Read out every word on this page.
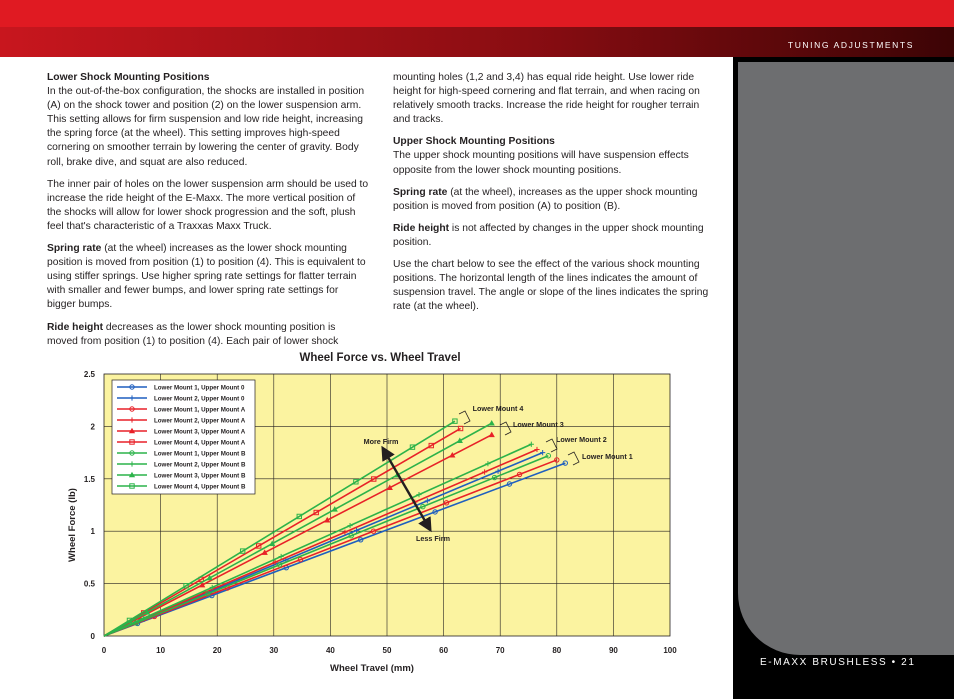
TUNING ADJUSTMENTS
E-MAXX BRUSHLESS • 21
Lower Shock Mounting Positions

In the out-of-the-box configuration, the shocks are installed in position (A) on the shock tower and position (2) on the lower suspension arm. This setting allows for firm suspension and low ride height, increasing the spring force (at the wheel). This setting improves high-speed cornering on smoother terrain by lowering the center of gravity. Body roll, brake dive, and squat are also reduced.

The inner pair of holes on the lower suspension arm should be used to increase the ride height of the E-Maxx. The more vertical position of the shocks will allow for lower shock progression and the soft, plush feel that's characteristic of a Traxxas Maxx Truck.

Spring rate (at the wheel) increases as the lower shock mounting position is moved from position (1) to position (4). This is equivalent to using stiffer springs. Use higher spring rate settings for flatter terrain with smaller and fewer bumps, and lower spring rate settings for bigger bumps.

Ride height decreases as the lower shock mounting position is moved from position (1) to position (4). Each pair of lower shock

mounting holes (1,2 and 3,4) has equal ride height. Use lower ride height for high-speed cornering and flat terrain, and when racing on relatively smooth tracks. Increase the ride height for rougher terrain and tracks.

Upper Shock Mounting Positions

The upper shock mounting positions will have suspension effects opposite from the lower shock mounting positions.

Spring rate (at the wheel), increases as the upper shock mounting position is moved from position (A) to position (B).

Ride height is not affected by changes in the upper shock mounting position.

Use the chart below to see the effect of the various shock mounting positions. The horizontal length of the lines indicates the amount of suspension travel. The angle or slope of the lines indicates the spring rate (at the wheel).

Wheel Force vs. Wheel Travel
0	10	20	30	40	50	60	70	80	90	100
0
0.5
1
1.5
2
2.5
Wheel Travel (mm)
Wheel Force (lb)
Lower Mount 1, Upper Mount 0
Lower Mount 2, Upper Mount 0
Lower Mount 1, Upper Mount A
Lower Mount 2, Upper Mount A
Lower Mount 3, Upper Mount A
Lower Mount 4, Upper Mount A
Lower Mount 1, Upper Mount B
Lower Mount 2, Upper Mount B
Lower Mount 3, Upper Mount B
Lower Mount 4, Upper Mount B
Lower Mount 4
Lower Mount 3
Lower Mount 2
Lower Mount 1
More Firm
Less Firm
